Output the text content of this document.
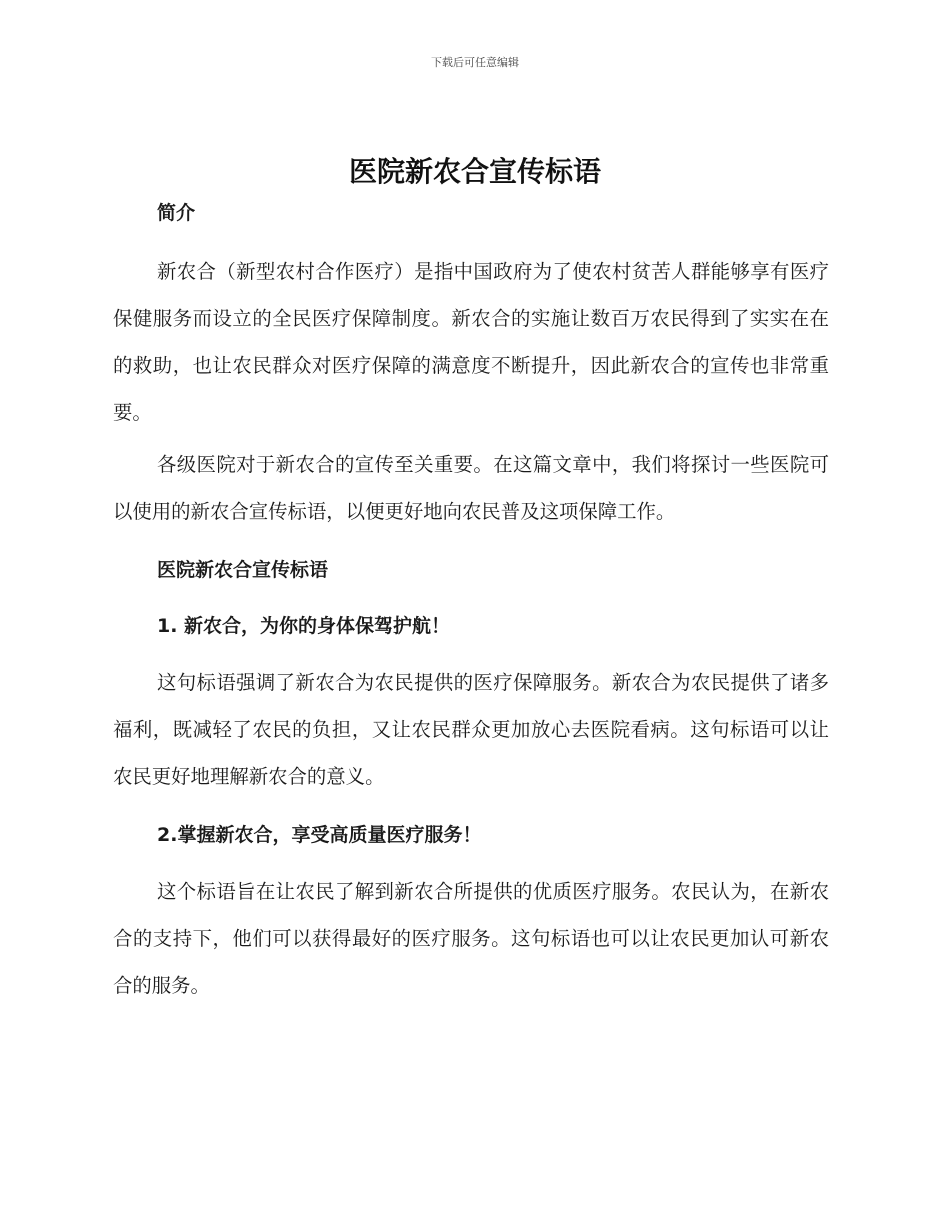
下载后可任意编辑
医院新农合宣传标语
简介

新农合（新型农村合作医疗）是指中国政府为了使农村贫苦人群能够享有医疗保健服务而设立的全民医疗保障制度。新农合的实施让数百万农民得到了实实在在的救助，也让农民群众对医疗保障的满意度不断提升，因此新农合的宣传也非常重要。

各级医院对于新农合的宣传至关重要。在这篇文章中，我们将探讨一些医院可以使用的新农合宣传标语，以便更好地向农民普及这项保障工作。

医院新农合宣传标语
1. 新农合，为你的身体保驾护航！

这句标语强调了新农合为农民提供的医疗保障服务。新农合为农民提供了诸多福利，既减轻了农民的负担，又让农民群众更加放心去医院看病。这句标语可以让农民更好地理解新农合的意义。

2.掌握新农合，享受高质量医疗服务！

这个标语旨在让农民了解到新农合所提供的优质医疗服务。农民认为，在新农合的支持下，他们可以获得最好的医疗服务。这句标语也可以让农民更加认可新农合的服务。
